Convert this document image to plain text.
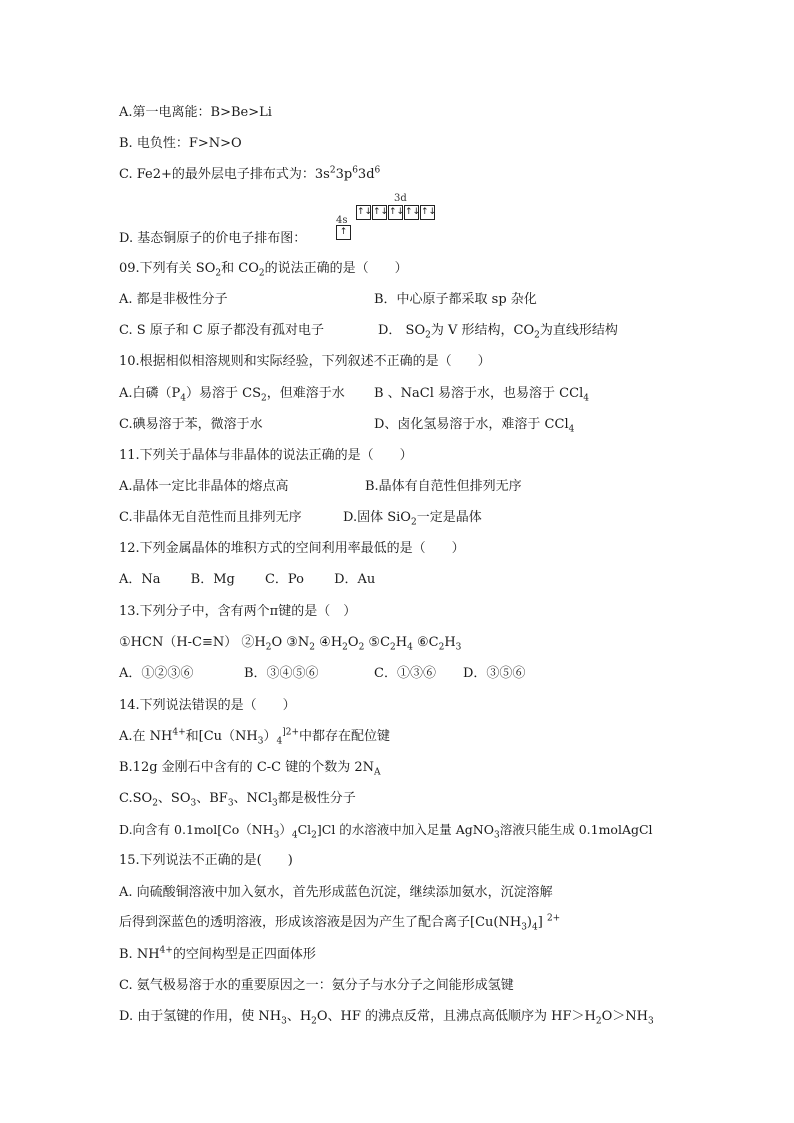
A.第一电离能：B>Be>Li
B. 电负性：F>N>O
C. Fe2+的最外层电子排布式为：$3s^23p^63d^6$
D. 基态铜原子的价电子排布图：
3d
4s
↑↓ ↑↓ ↑↓ ↑↓ ↑↓
↑
09.下列有关 $SO_2$和 $CO_2$的说法正确的是（　　）
A. 都是非极性分子	B．中心原子都采取 sp 杂化
C. S 原子和 C 原子都没有孤对电子	D． $SO_2$为 V 形结构，$CO_2$为直线形结构
10.根据相似相溶规则和实际经验，下列叙述不正确的是（　　）
A.白磷$(P_4)$易溶于 $CS_2$，但难溶于水 B 、NaCl 易溶于水，也易溶于 CCl$_4$
C.碘易溶于苯，微溶于水	D、卤化氢易溶于水，难溶于 CCl$_4$
11.下列关于晶体与非晶体的说法正确的是（　　）
A.晶体一定比非晶体的熔点高	B.晶体有自范性但排列无序
C.非晶体无自范性而且排列无序	D.固体 SiO$_2$一定是晶体
12.下列金属晶体的堆积方式的空间利用率最低的是（　　）
A．Na　　 B．Mg　　 C．Po　　 D．Au
13.下列分子中，含有两个π键的是（　）
①HCN（H-C≡N） $②H_2O$ $③N_2$ $④H_2O_2$ $⑤C_2H_4$ $⑥C_2H_3$
A．①②③⑥	B．③④⑤⑥	C．①③⑥ D．③⑤⑥
14.下列说法错误的是（　　）
A.在 $NH^{4+}$和[$Cu(NH_3)_4^{]2+}$中都存在配位键
B.12g 金刚石中含有的 C-C 键的个数为 $2N_A$
$C.SO_2$、$SO_3$、$BF_3$、NCl$_3$都是极性分子
D.向含有 $0.1mol[Co(NH_3)_4Cl_2]Cl$ 的水溶液中加入足量 AgNO$_3$溶液只能生成 0.1molAgCl
15.下列说法不正确的是(　　)
A. 向硫酸铜溶液中加入氨水，首先形成蓝色沉淀，继续添加氨水，沉淀溶解
后得到深蓝色的透明溶液，形成该溶液是因为产生了配合离子$[Cu(NH_3)_4]$ $^{2+}$
B. $NH^{4+}$的空间构型是正四面体形
C. 氨气极易溶于水的重要原因之一：氨分子与水分子之间能形成氢键
D. 由于氢键的作用，使 $NH_3$、$H_2O$、HF 的沸点反常，且沸点高低顺序为 $HF>H_2O>NH_3$
